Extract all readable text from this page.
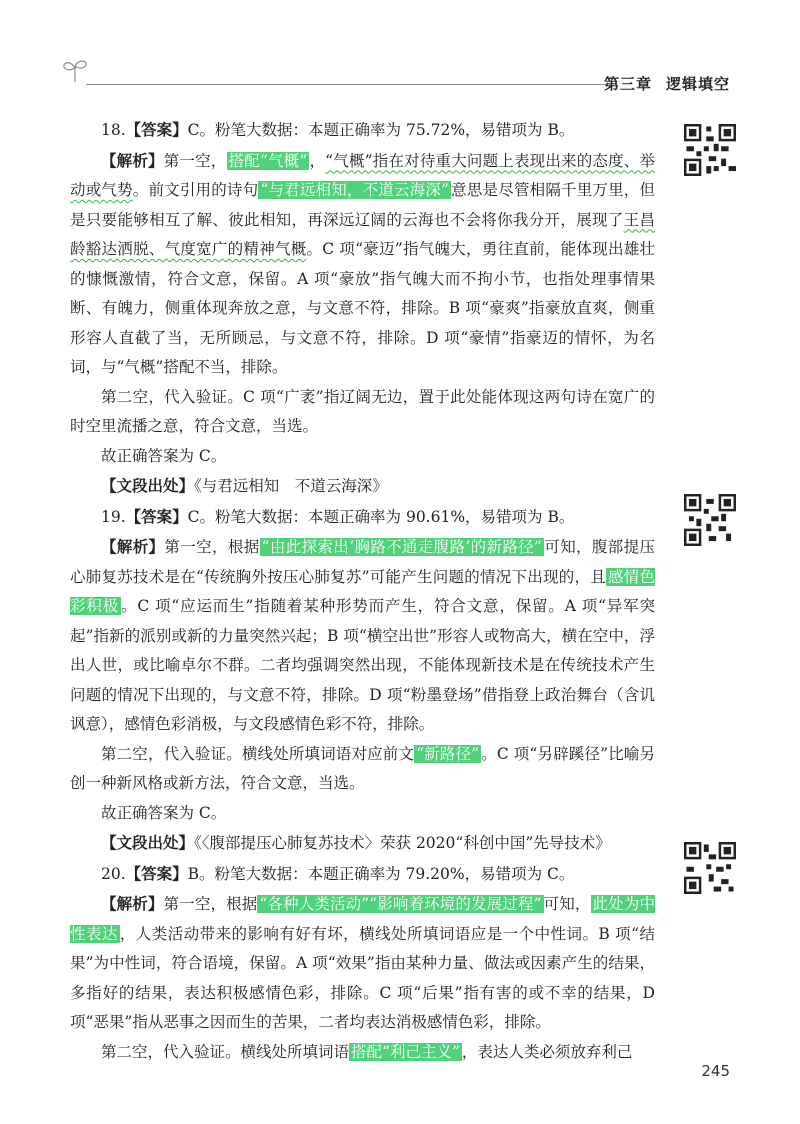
第三章 逻辑填空

18.【答案】C。粉笔大数据：本题正确率为 75.72%，易错项为 B。

【解析】第一空， 搭配“气概” ，“气概”指在对待重大问题上表现出来的态度、举动或气势。前文引用的诗句 “与君远相知，不道云海深” 意思是尽管相隔千里万里，但是只要能够相互了解、彼此相知，再深远辽阔的云海也不会将你我分开，展现了王昌龄豁达洒脱、气度宽广的精神气概。C 项“豪迈”指气魄大，勇往直前，能体现出雄壮的慷慨激情，符合文意，保留。A 项“豪放”指气魄大而不拘小节，也指处理事情果断、有魄力，侧重体现奔放之意，与文意不符，排除。B 项“豪爽”指豪放直爽，侧重形容人直截了当，无所顾忌，与文意不符，排除。D 项“豪情”指豪迈的情怀，为名词，与“气概”搭配不当，排除。

第二空，代入验证。C 项“广袤”指辽阔无边，置于此处能体现这两句诗在宽广的时空里流播之意，符合文意，当选。

故正确答案为 C。

【文段出处】《与君远相知　不道云海深》

19.【答案】C。粉笔大数据：本题正确率为 90.61%，易错项为 B。

【解析】第一空，根据 “由此探索出‘胸路不通走腹路’的新路径” 可知，腹部提压心肺复苏技术是在“传统胸外按压心肺复苏”可能产生问题的情况下出现的，且 感情色彩积极 。C 项“应运而生”指随着某种形势而产生，符合文意，保留。A 项“异军突起”指新的派别或新的力量突然兴起；B 项“横空出世”形容人或物高大，横在空中，浮出人世，或比喻卓尔不群。二者均强调突然出现，不能体现新技术是在传统技术产生问题的情况下出现的，与文意不符，排除。D 项“粉墨登场”借指登上政治舞台（含讥讽意），感情色彩消极，与文段感情色彩不符，排除。

第二空，代入验证。横线处所填词语对应前文 “新路径” 。C 项“另辟蹊径”比喻另创一种新风格或新方法，符合文意，当选。

故正确答案为 C。

【文段出处】《〈腹部提压心肺复苏技术〉荣获 2020“科创中国”先导技术》

20.【答案】B。粉笔大数据：本题正确率为 79.20%，易错项为 C。

【解析】第一空，根据 “各种人类活动”“影响着环境的发展过程” 可知， 此处为中性表达 ，人类活动带来的影响有好有坏，横线处所填词语应是一个中性词。B 项“结果”为中性词，符合语境，保留。A 项“效果”指由某种力量、做法或因素产生的结果，多指好的结果，表达积极感情色彩，排除。C 项“后果”指有害的或不幸的结果，D 项“恶果”指从恶事之因而生的苦果，二者均表达消极感情色彩，排除。

第二空，代入验证。横线处所填词语 搭配“利己主义” ，表达人类必须放弃利己

245
